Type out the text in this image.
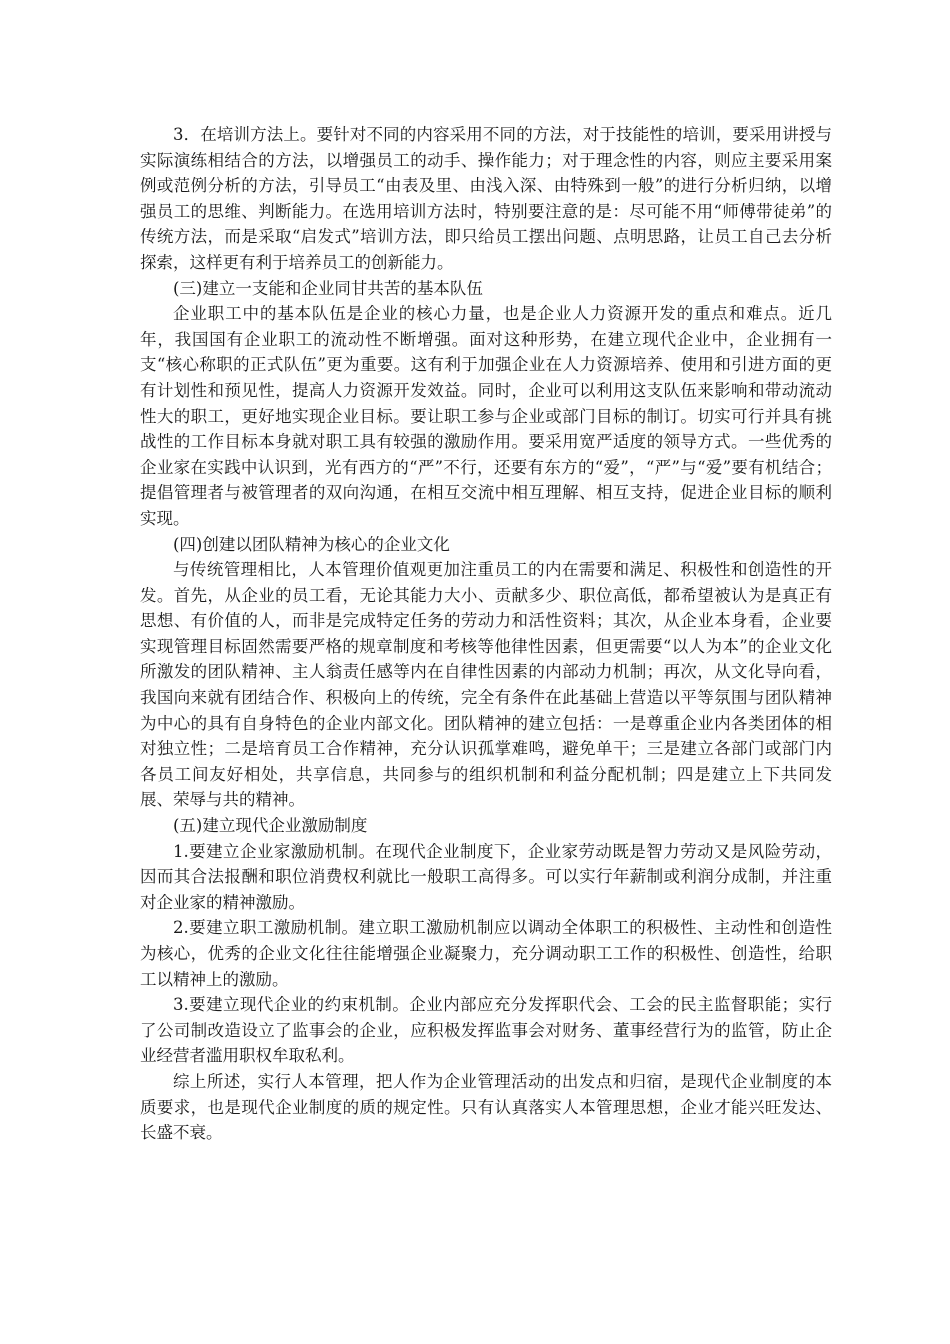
3．在培训方法上。要针对不同的内容采用不同的方法，对于技能性的培训，要采用讲授与实际演练相结合的方法，以增强员工的动手、操作能力；对于理念性的内容，则应主要采用案例或范例分析的方法，引导员工“由表及里、由浅入深、由特殊到一般”的进行分析归纳，以增强员工的思维、判断能力。在选用培训方法时，特别要注意的是：尽可能不用“师傅带徒弟”的传统方法，而是采取“启发式”培训方法，即只给员工摆出问题、点明思路，让员工自己去分析探索，这样更有利于培养员工的创新能力。

(三)建立一支能和企业同甘共苦的基本队伍

企业职工中的基本队伍是企业的核心力量，也是企业人力资源开发的重点和难点。近几年，我国国有企业职工的流动性不断增强。面对这种形势，在建立现代企业中，企业拥有一支“核心称职的正式队伍”更为重要。这有利于加强企业在人力资源培养、使用和引进方面的更有计划性和预见性，提高人力资源开发效益。同时，企业可以利用这支队伍来影响和带动流动性大的职工，更好地实现企业目标。要让职工参与企业或部门目标的制订。切实可行并具有挑战性的工作目标本身就对职工具有较强的激励作用。要采用宽严适度的领导方式。一些优秀的企业家在实践中认识到，光有西方的“严”不行，还要有东方的“爱”，“严”与“爱”要有机结合；提倡管理者与被管理者的双向沟通，在相互交流中相互理解、相互支持，促进企业目标的顺利实现。

(四)创建以团队精神为核心的企业文化

与传统管理相比，人本管理价值观更加注重员工的内在需要和满足、积极性和创造性的开发。首先，从企业的员工看，无论其能力大小、贡献多少、职位高低，都希望被认为是真正有思想、有价值的人，而非是完成特定任务的劳动力和活性资料；其次，从企业本身看，企业要实现管理目标固然需要严格的规章制度和考核等他律性因素，但更需要“以人为本”的企业文化所激发的团队精神、主人翁责任感等内在自律性因素的内部动力机制；再次，从文化导向看，我国向来就有团结合作、积极向上的传统，完全有条件在此基础上营造以平等氛围与团队精神为中心的具有自身特色的企业内部文化。团队精神的建立包括：一是尊重企业内各类团体的相对独立性；二是培育员工合作精神，充分认识孤掌难鸣，避免单干；三是建立各部门或部门内各员工间友好相处，共享信息，共同参与的组织机制和利益分配机制；四是建立上下共同发展、荣辱与共的精神。

(五)建立现代企业激励制度

1.要建立企业家激励机制。在现代企业制度下，企业家劳动既是智力劳动又是风险劳动，因而其合法报酬和职位消费权利就比一般职工高得多。可以实行年薪制或利润分成制，并注重对企业家的精神激励。

2.要建立职工激励机制。建立职工激励机制应以调动全体职工的积极性、主动性和创造性为核心，优秀的企业文化往往能增强企业凝聚力，充分调动职工工作的积极性、创造性，给职工以精神上的激励。

3.要建立现代企业的约束机制。企业内部应充分发挥职代会、工会的民主监督职能；实行了公司制改造设立了监事会的企业，应积极发挥监事会对财务、董事经营行为的监管，防止企业经营者滥用职权牟取私利。

综上所述，实行人本管理，把人作为企业管理活动的出发点和归宿，是现代企业制度的本质要求，也是现代企业制度的质的规定性。只有认真落实人本管理思想，企业才能兴旺发达、长盛不衰。
